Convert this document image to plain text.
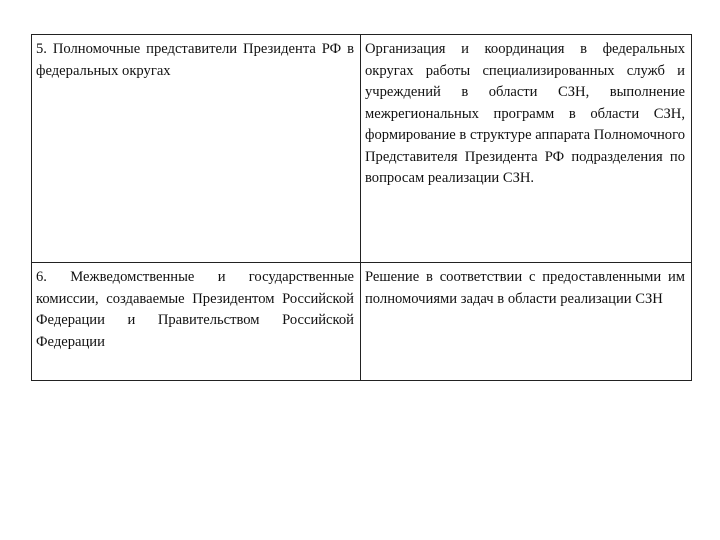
5. Полномочные представители Президента РФ в федеральных округах	Организация и координация в федеральных округах работы специализированных служб и учреждений в области СЗН, выполнение межрегиональных программ в области СЗН, формирование в структуре аппарата Полномочного Представителя Президента РФ подразделения по вопросам реализации СЗН.
6. Межведомственные и государственные комиссии, создаваемые Президентом Российской Федерации и Правительством Российской Федерации	Решение в соответствии с предоставленными им полномочиями задач в области реализации СЗН
